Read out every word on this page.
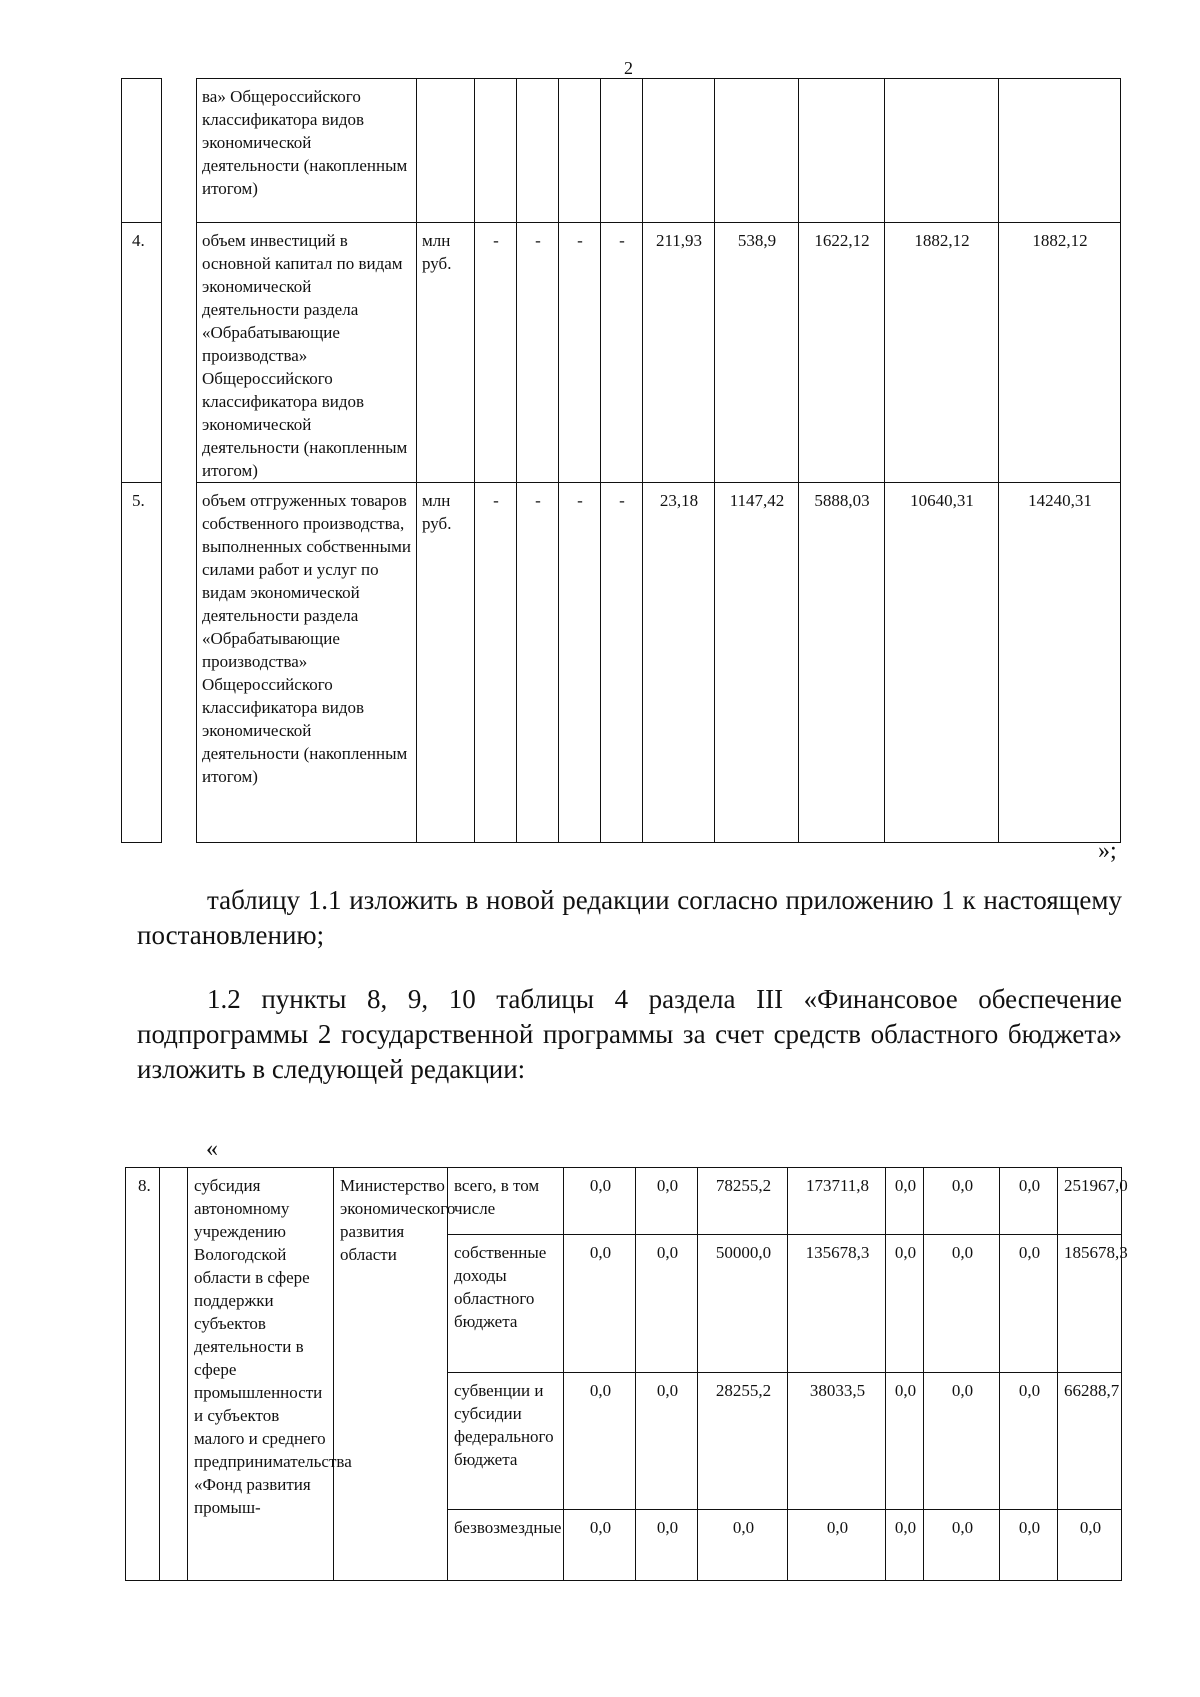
2
		ва» Общероссийского классификатора видов экономической деятельности (накопленным итогом)										
4.		объем инвестиций в основной капитал по видам экономической деятельности раздела «Обрабатывающие производства» Общероссийского классификатора видов экономической деятельности (накопленным итогом)	млн руб.	-	-	-	-	211,93	538,9	1622,12	1882,12	1882,12
5.		объем отгруженных товаров собственного производства, выполненных собственными силами работ и услуг по видам экономической деятельности раздела «Обрабатывающие производства» Общероссийского классификатора видов экономической деятельности (накопленным итогом)	млн руб.	-	-	-	-	23,18	1147,42	5888,03	10640,31	14240,31
»;

таблицу 1.1 изложить в новой редакции согласно приложению 1 к настоящему постановлению;

1.2 пункты 8, 9, 10 таблицы 4 раздела III «Финансовое обеспечение подпрограммы 2 государственной программы за счет средств областного бюджета» изложить в следующей редакции:

«
8.		субсидия автономному учреждению Вологодской области в сфере поддержки субъектов деятельности в сфере промышленности и субъектов малого и среднего предпринимательства «Фонд развития промыш-	Министерство экономического развития области	всего, в том числе	0,0	0,0	78255,2	173711,8	0,0	0,0	0,0	251967,0
				собственные доходы областного бюджета	0,0	0,0	50000,0	135678,3	0,0	0,0	0,0	185678,3
				субвенции и субсидии федерального бюджета	0,0	0,0	28255,2	38033,5	0,0	0,0	0,0	66288,7
				безвозмездные	0,0	0,0	0,0	0,0	0,0	0,0	0,0	0,0
